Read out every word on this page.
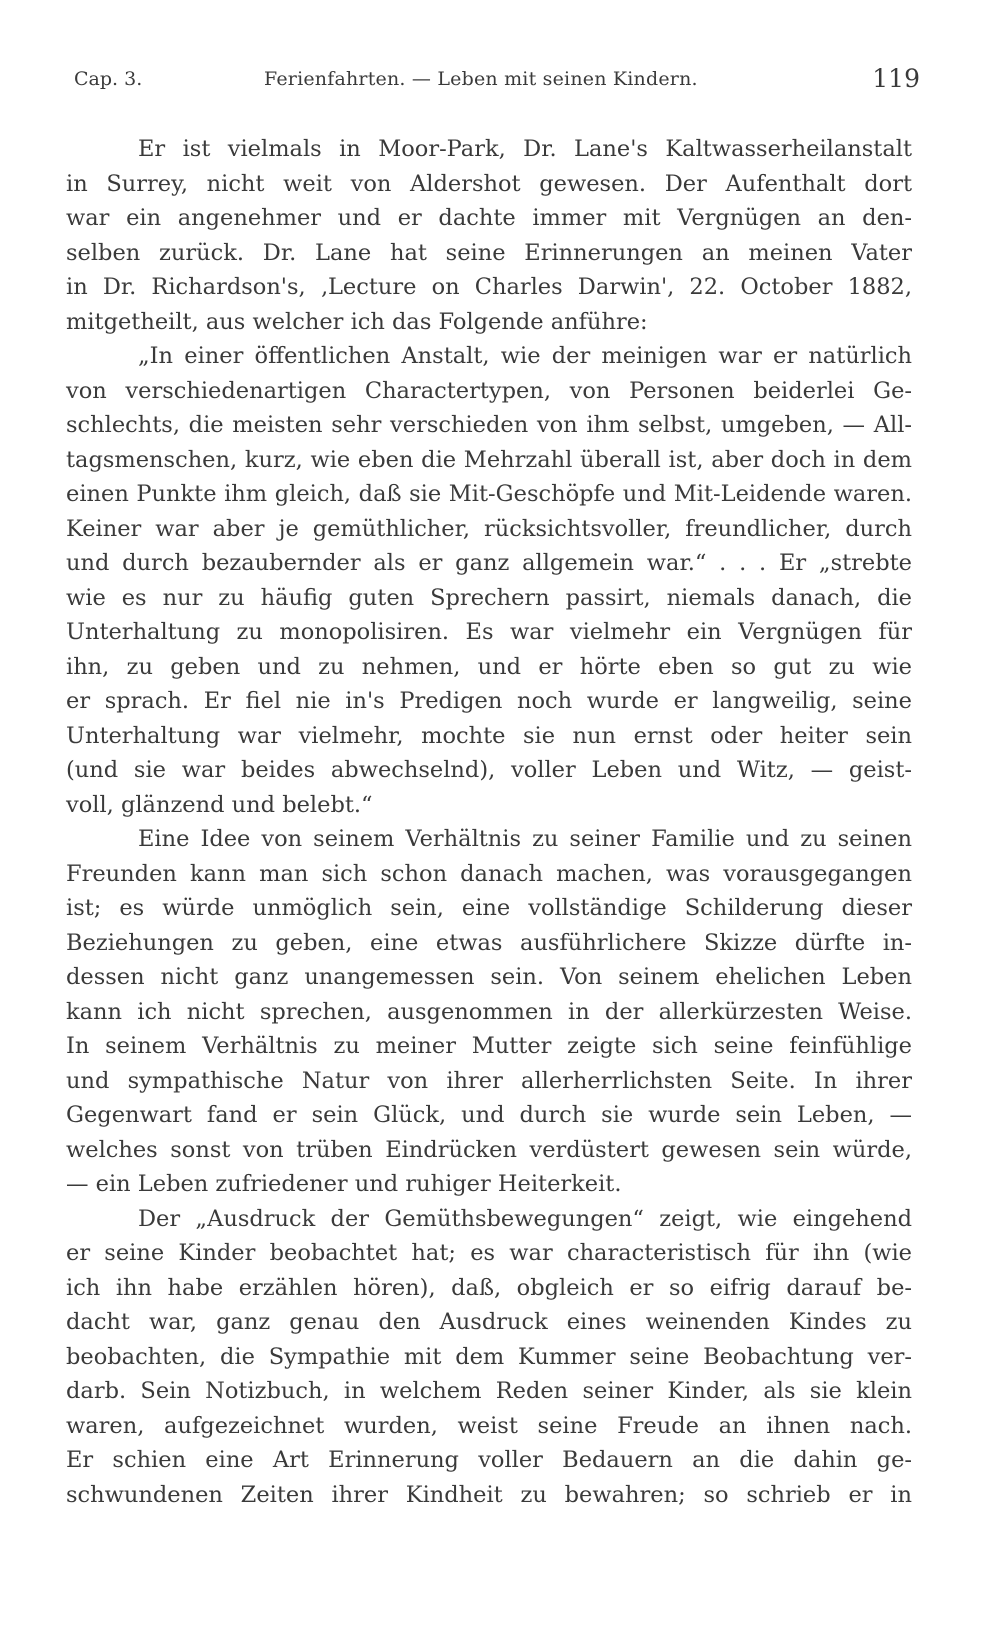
Cap. 3.	Ferienfahrten. — Leben mit seinen Kindern.	119
Er ist vielmals in Moor-Park, Dr. Lane's Kaltwasserheilanstalt
in Surrey, nicht weit von Aldershot gewesen. Der Aufenthalt dort
war ein angenehmer und er dachte immer mit Vergnügen an den-
selben zurück. Dr. Lane hat seine Erinnerungen an meinen Vater
in Dr. Richardson's, ‚Lecture on Charles Darwin', 22. October 1882,
mitgetheilt, aus welcher ich das Folgende anführe:
„In einer öffentlichen Anstalt, wie der meinigen war er natürlich
von verschiedenartigen Charactertypen, von Personen beiderlei Ge-
schlechts, die meisten sehr verschieden von ihm selbst, umgeben, — All-
tagsmenschen, kurz, wie eben die Mehrzahl überall ist, aber doch in dem
einen Punkte ihm gleich, daß sie Mit-Geschöpfe und Mit-Leidende waren.
Keiner war aber je gemüthlicher, rücksichtsvoller, freundlicher, durch
und durch bezaubernder als er ganz allgemein war.“ . . . Er „strebte
wie es nur zu häufig guten Sprechern passirt, niemals danach, die
Unterhaltung zu monopolisiren. Es war vielmehr ein Vergnügen für
ihn, zu geben und zu nehmen, und er hörte eben so gut zu wie
er sprach. Er fiel nie in's Predigen noch wurde er langweilig, seine
Unterhaltung war vielmehr, mochte sie nun ernst oder heiter sein
(und sie war beides abwechselnd), voller Leben und Witz, — geist-
voll, glänzend und belebt.“
Eine Idee von seinem Verhältnis zu seiner Familie und zu seinen
Freunden kann man sich schon danach machen, was vorausgegangen
ist; es würde unmöglich sein, eine vollständige Schilderung dieser
Beziehungen zu geben, eine etwas ausführlichere Skizze dürfte in-
dessen nicht ganz unangemessen sein. Von seinem ehelichen Leben
kann ich nicht sprechen, ausgenommen in der allerkürzesten Weise.
In seinem Verhältnis zu meiner Mutter zeigte sich seine feinfühlige
und sympathische Natur von ihrer allerherrlichsten Seite. In ihrer
Gegenwart fand er sein Glück, und durch sie wurde sein Leben, —
welches sonst von trüben Eindrücken verdüstert gewesen sein würde,
— ein Leben zufriedener und ruhiger Heiterkeit.
Der „Ausdruck der Gemüthsbewegungen“ zeigt, wie eingehend
er seine Kinder beobachtet hat; es war characteristisch für ihn (wie
ich ihn habe erzählen hören), daß, obgleich er so eifrig darauf be-
dacht war, ganz genau den Ausdruck eines weinenden Kindes zu
beobachten, die Sympathie mit dem Kummer seine Beobachtung ver-
darb. Sein Notizbuch, in welchem Reden seiner Kinder, als sie klein
waren, aufgezeichnet wurden, weist seine Freude an ihnen nach.
Er schien eine Art Erinnerung voller Bedauern an die dahin ge-
schwundenen Zeiten ihrer Kindheit zu bewahren; so schrieb er in
